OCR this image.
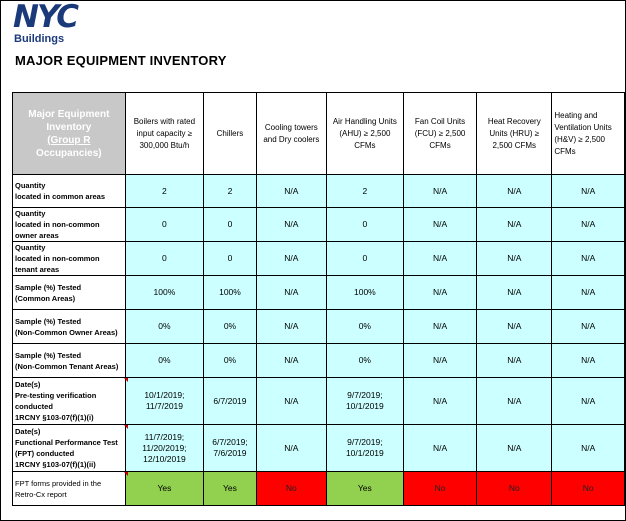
NYC
Buildings
MAJOR EQUIPMENT INVENTORY
Major Equipment
Inventory
(Group R Occupancies)	Boilers with rated input capacity ≥ 300,000 Btu/h	Chillers	Cooling towers and Dry coolers	Air Handling Units (AHU) ≥ 2,500 CFMs	Fan Coil Units (FCU) ≥ 2,500 CFMs	Heat Recovery Units (HRU) ≥ 2,500 CFMs	Heating and Ventilation Units (H&V) ≥ 2,500 CFMs
Quantity
located in common areas	2	2	N/A	2	N/A	N/A	N/A
Quantity
located in non-common owner areas	0	0	N/A	0	N/A	N/A	N/A
Quantity
located in non-common tenant areas	0	0	N/A	0	N/A	N/A	N/A
Sample (%) Tested
(Common Areas)	100%	100%	N/A	100%	N/A	N/A	N/A
Sample (%) Tested
(Non-Common Owner Areas)	0%	0%	N/A	0%	N/A	N/A	N/A
Sample (%) Tested
(Non-Common Tenant Areas)	0%	0%	N/A	0%	N/A	N/A	N/A
Date(s)
Pre-testing verification conducted
1RCNY §103-07(f)(1)(i)	10/1/2019;
11/7/2019	6/7/2019	N/A	9/7/2019;
10/1/2019	N/A	N/A	N/A
Date(s)
Functional Performance Test (FPT) conducted
1RCNY §103-07(f)(1)(ii)	11/7/2019;
11/20/2019;
12/10/2019	6/7/2019;
7/6/2019	N/A	9/7/2019;
10/1/2019	N/A	N/A	N/A
FPT forms provided in the Retro-Cx report	Yes	Yes	No	Yes	No	No	No
